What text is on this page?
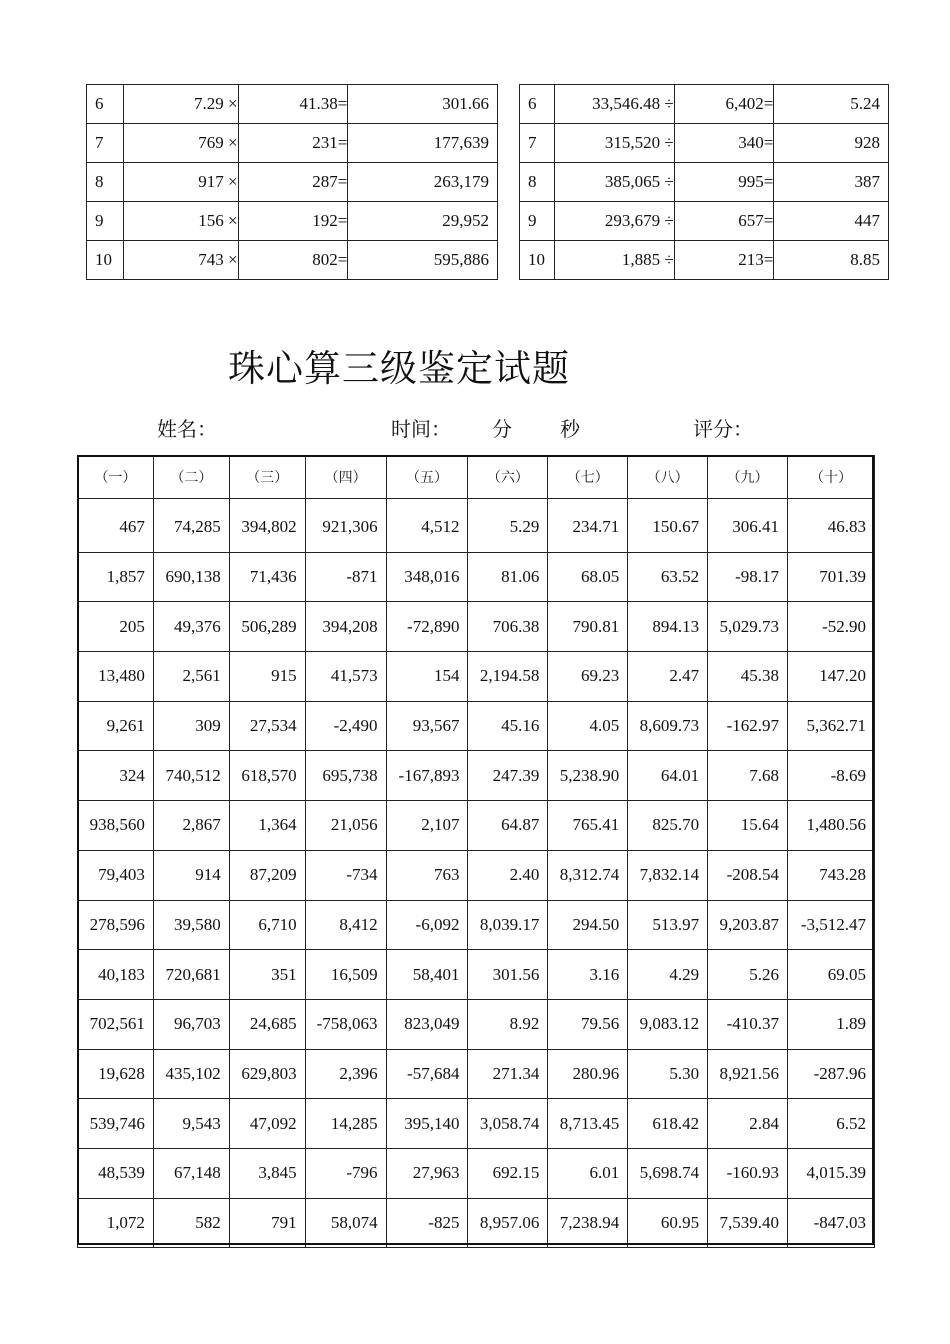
6	7.29 ×	41.38=	301.66
7	769 ×	231=	177,639
8	917 ×	287=	263,179
9	156 ×	192=	29,952
10	743 ×	802=	595,886
6	33,546.48 ÷	6,402=	5.24
7	315,520 ÷	340=	928
8	385,065 ÷	995=	387
9	293,679 ÷	657=	447
10	1,885 ÷	213=	8.85
珠心算三级鉴定试题
姓名：	时间： 分 秒	评分：
（一）	（二）	（三）	（四）	（五）	（六）	（七）	（八）	（九）	（十）
467	74,285	394,802	921,306	4,512	5.29	234.71	150.67	306.41	46.83
1,857	690,138	71,436	-871	348,016	81.06	68.05	63.52	-98.17	701.39
205	49,376	506,289	394,208	-72,890	706.38	790.81	894.13	5,029.73	-52.90
13,480	2,561	915	41,573	154	2,194.58	69.23	2.47	45.38	147.20
9,261	309	27,534	-2,490	93,567	45.16	4.05	8,609.73	-162.97	5,362.71
324	740,512	618,570	695,738	-167,893	247.39	5,238.90	64.01	7.68	-8.69
938,560	2,867	1,364	21,056	2,107	64.87	765.41	825.70	15.64	1,480.56
79,403	914	87,209	-734	763	2.40	8,312.74	7,832.14	-208.54	743.28
278,596	39,580	6,710	8,412	-6,092	8,039.17	294.50	513.97	9,203.87	-3,512.47
40,183	720,681	351	16,509	58,401	301.56	3.16	4.29	5.26	69.05
702,561	96,703	24,685	-758,063	823,049	8.92	79.56	9,083.12	-410.37	1.89
19,628	435,102	629,803	2,396	-57,684	271.34	280.96	5.30	8,921.56	-287.96
539,746	9,543	47,092	14,285	395,140	3,058.74	8,713.45	618.42	2.84	6.52
48,539	67,148	3,845	-796	27,963	692.15	6.01	5,698.74	-160.93	4,015.39
1,072	582	791	58,074	-825	8,957.06	7,238.94	60.95	7,539.40	-847.03
